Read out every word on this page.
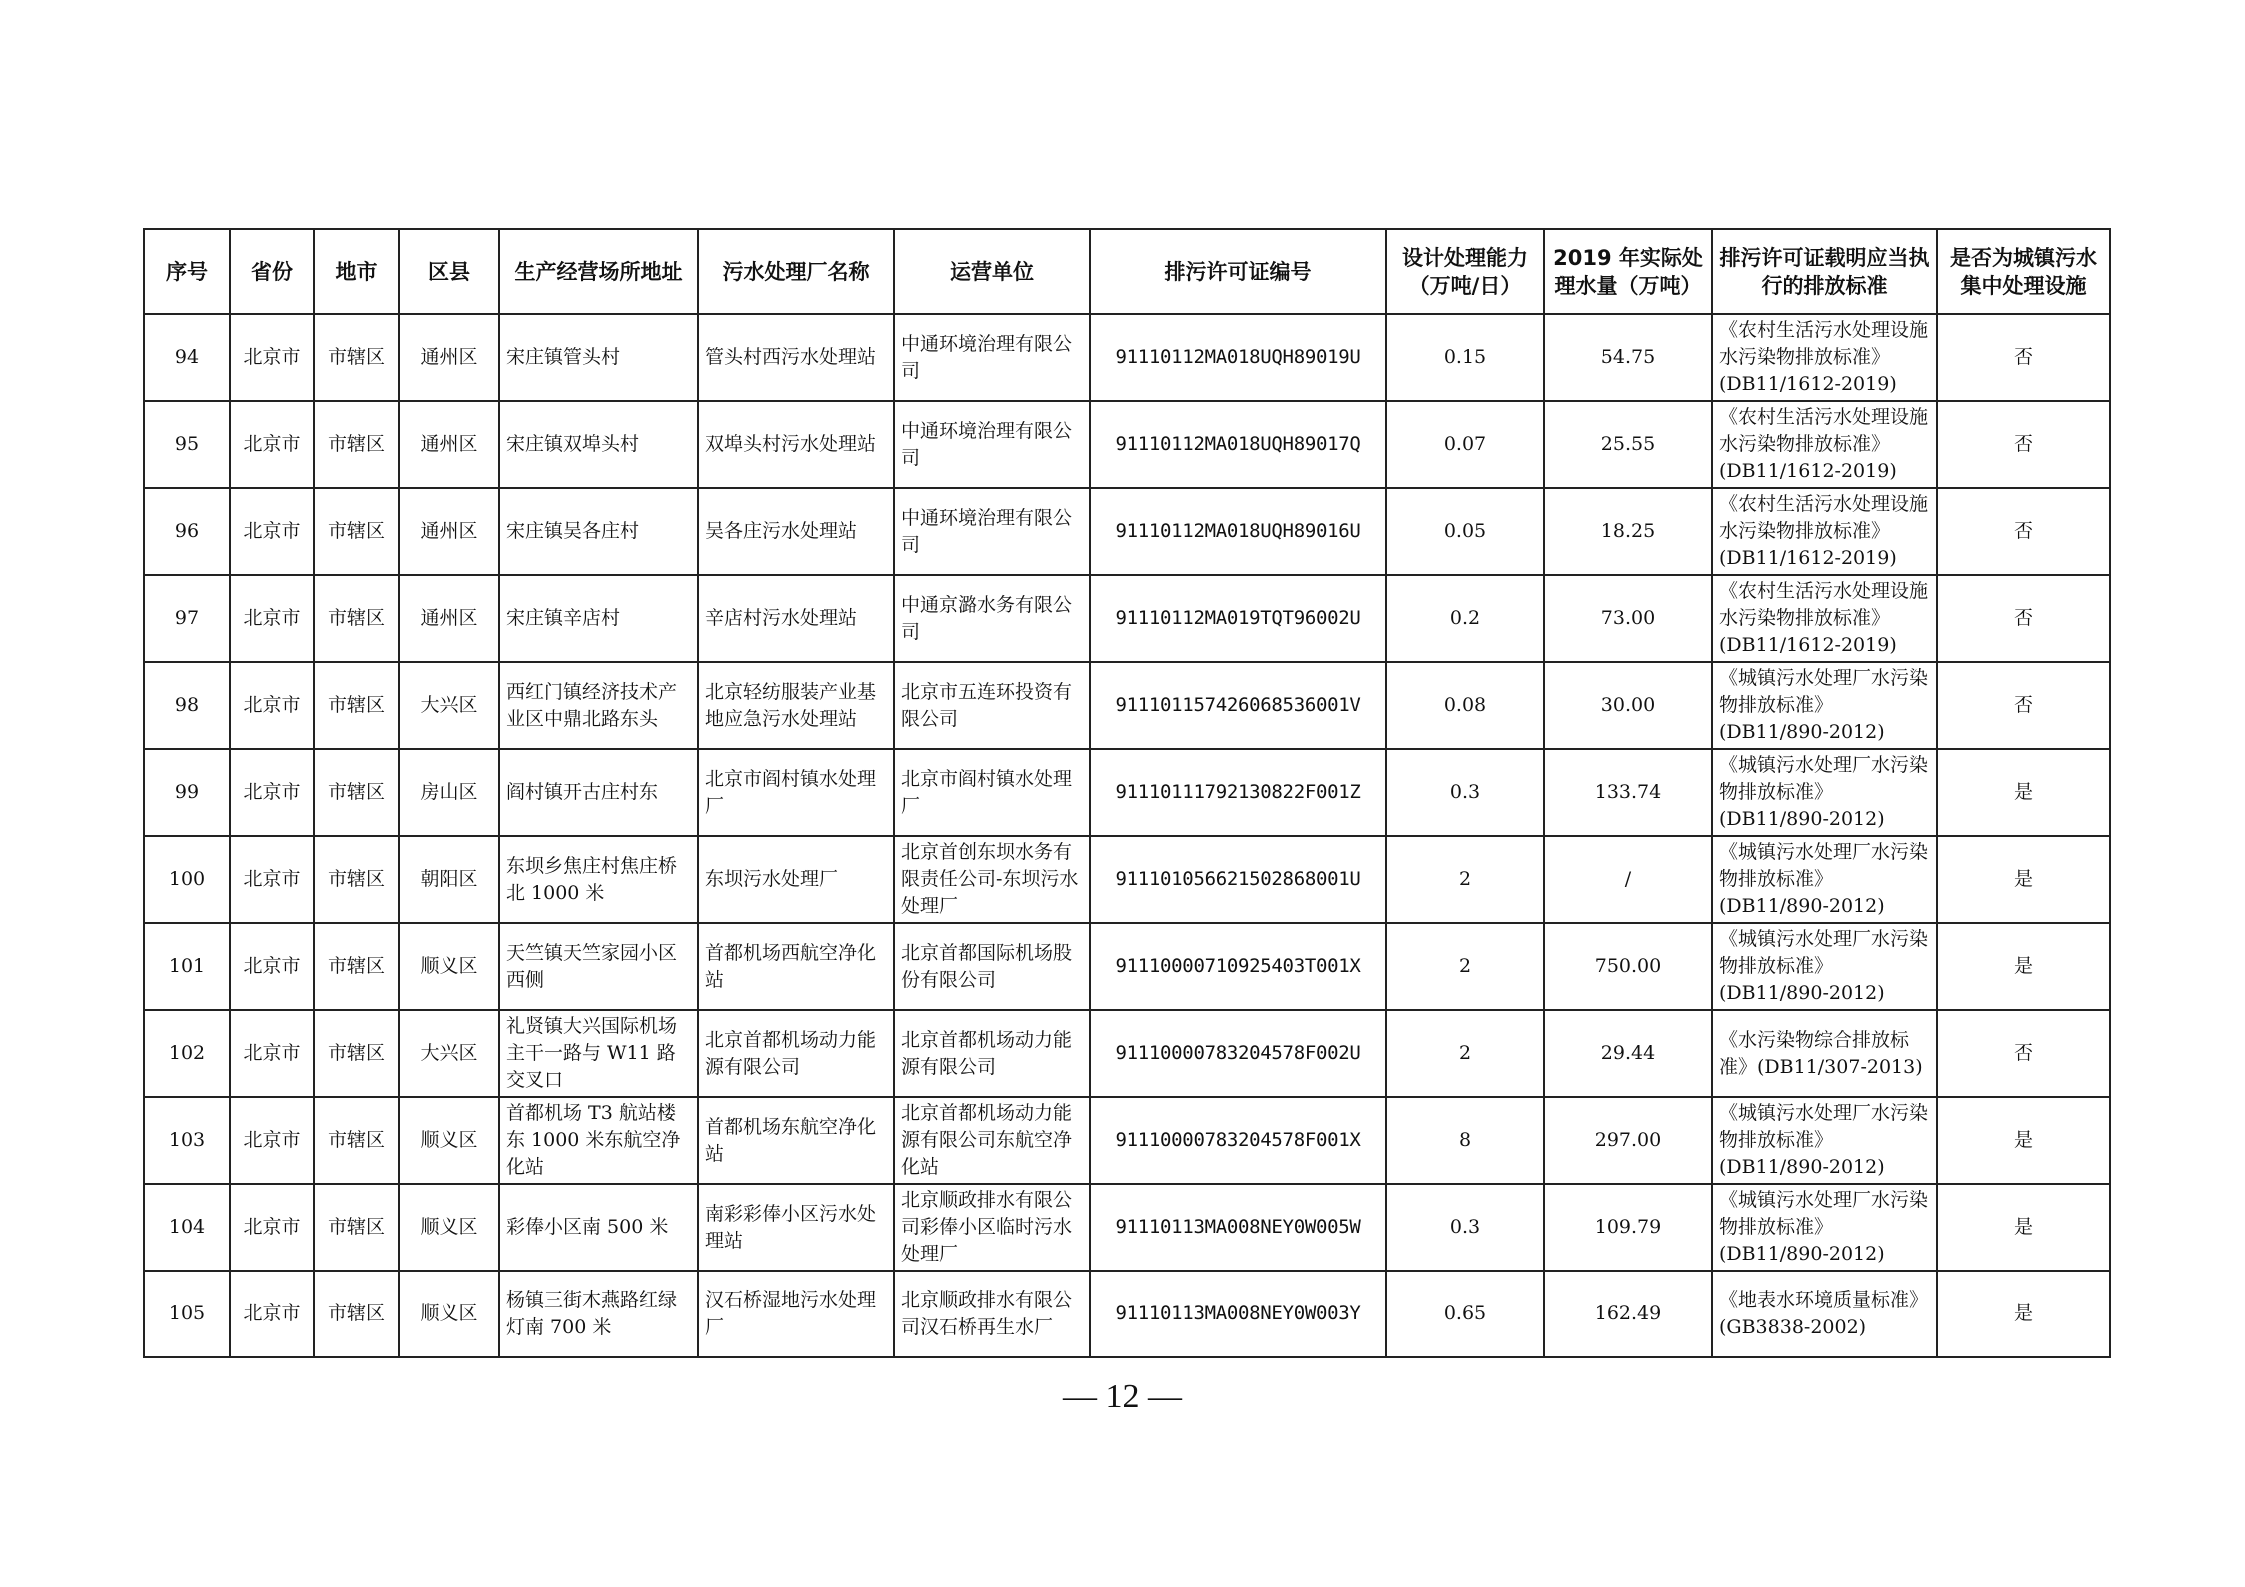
序号	省份	地市	区县	生产经营场所地址	污水处理厂名称	运营单位	排污许可证编号	设计处理能力（万吨/日）	2019 年实际处理水量（万吨）	排污许可证载明应当执行的排放标准	是否为城镇污水集中处理设施
94	北京市	市辖区	通州区	宋庄镇管头村	管头村西污水处理站	中通环境治理有限公司	91110112MA018UQH89019U	0.15	54.75	《农村生活污水处理设施水污染物排放标准》(DB11/1612-2019)	否
95	北京市	市辖区	通州区	宋庄镇双埠头村	双埠头村污水处理站	中通环境治理有限公司	91110112MA018UQH89017Q	0.07	25.55	《农村生活污水处理设施水污染物排放标准》(DB11/1612-2019)	否
96	北京市	市辖区	通州区	宋庄镇吴各庄村	吴各庄污水处理站	中通环境治理有限公司	91110112MA018UQH89016U	0.05	18.25	《农村生活污水处理设施水污染物排放标准》(DB11/1612-2019)	否
97	北京市	市辖区	通州区	宋庄镇辛店村	辛店村污水处理站	中通京潞水务有限公司	91110112MA019TQT96002U	0.2	73.00	《农村生活污水处理设施水污染物排放标准》(DB11/1612-2019)	否
98	北京市	市辖区	大兴区	西红门镇经济技术产业区中鼎北路东头	北京轻纺服装产业基地应急污水处理站	北京市五连环投资有限公司	911101157426068536001V	0.08	30.00	《城镇污水处理厂水污染物排放标准》(DB11/890-2012)	否
99	北京市	市辖区	房山区	阎村镇开古庄村东	北京市阎村镇水处理厂	北京市阎村镇水处理厂	91110111792130822F001Z	0.3	133.74	《城镇污水处理厂水污染物排放标准》(DB11/890-2012)	是
100	北京市	市辖区	朝阳区	东坝乡焦庄村焦庄桥北 1000 米	东坝污水处理厂	北京首创东坝水务有限责任公司-东坝污水处理厂	911101056621502868001U	2	/	《城镇污水处理厂水污染物排放标准》(DB11/890-2012)	是
101	北京市	市辖区	顺义区	天竺镇天竺家园小区西侧	首都机场西航空净化站	北京首都国际机场股份有限公司	91110000710925403T001X	2	750.00	《城镇污水处理厂水污染物排放标准》(DB11/890-2012)	是
102	北京市	市辖区	大兴区	礼贤镇大兴国际机场主干一路与 W11 路交叉口	北京首都机场动力能源有限公司	北京首都机场动力能源有限公司	91110000783204578F002U	2	29.44	《水污染物综合排放标准》(DB11/307-2013)	否
103	北京市	市辖区	顺义区	首都机场 T3 航站楼东 1000 米东航空净化站	首都机场东航空净化站	北京首都机场动力能源有限公司东航空净化站	91110000783204578F001X	8	297.00	《城镇污水处理厂水污染物排放标准》(DB11/890-2012)	是
104	北京市	市辖区	顺义区	彩俸小区南 500 米	南彩彩俸小区污水处理站	北京顺政排水有限公司彩俸小区临时污水处理厂	91110113MA008NEY0W005W	0.3	109.79	《城镇污水处理厂水污染物排放标准》(DB11/890-2012)	是
105	北京市	市辖区	顺义区	杨镇三街木燕路红绿灯南 700 米	汉石桥湿地污水处理厂	北京顺政排水有限公司汉石桥再生水厂	91110113MA008NEY0W003Y	0.65	162.49	《地表水环境质量标准》(GB3838-2002)	是
— 12 —
